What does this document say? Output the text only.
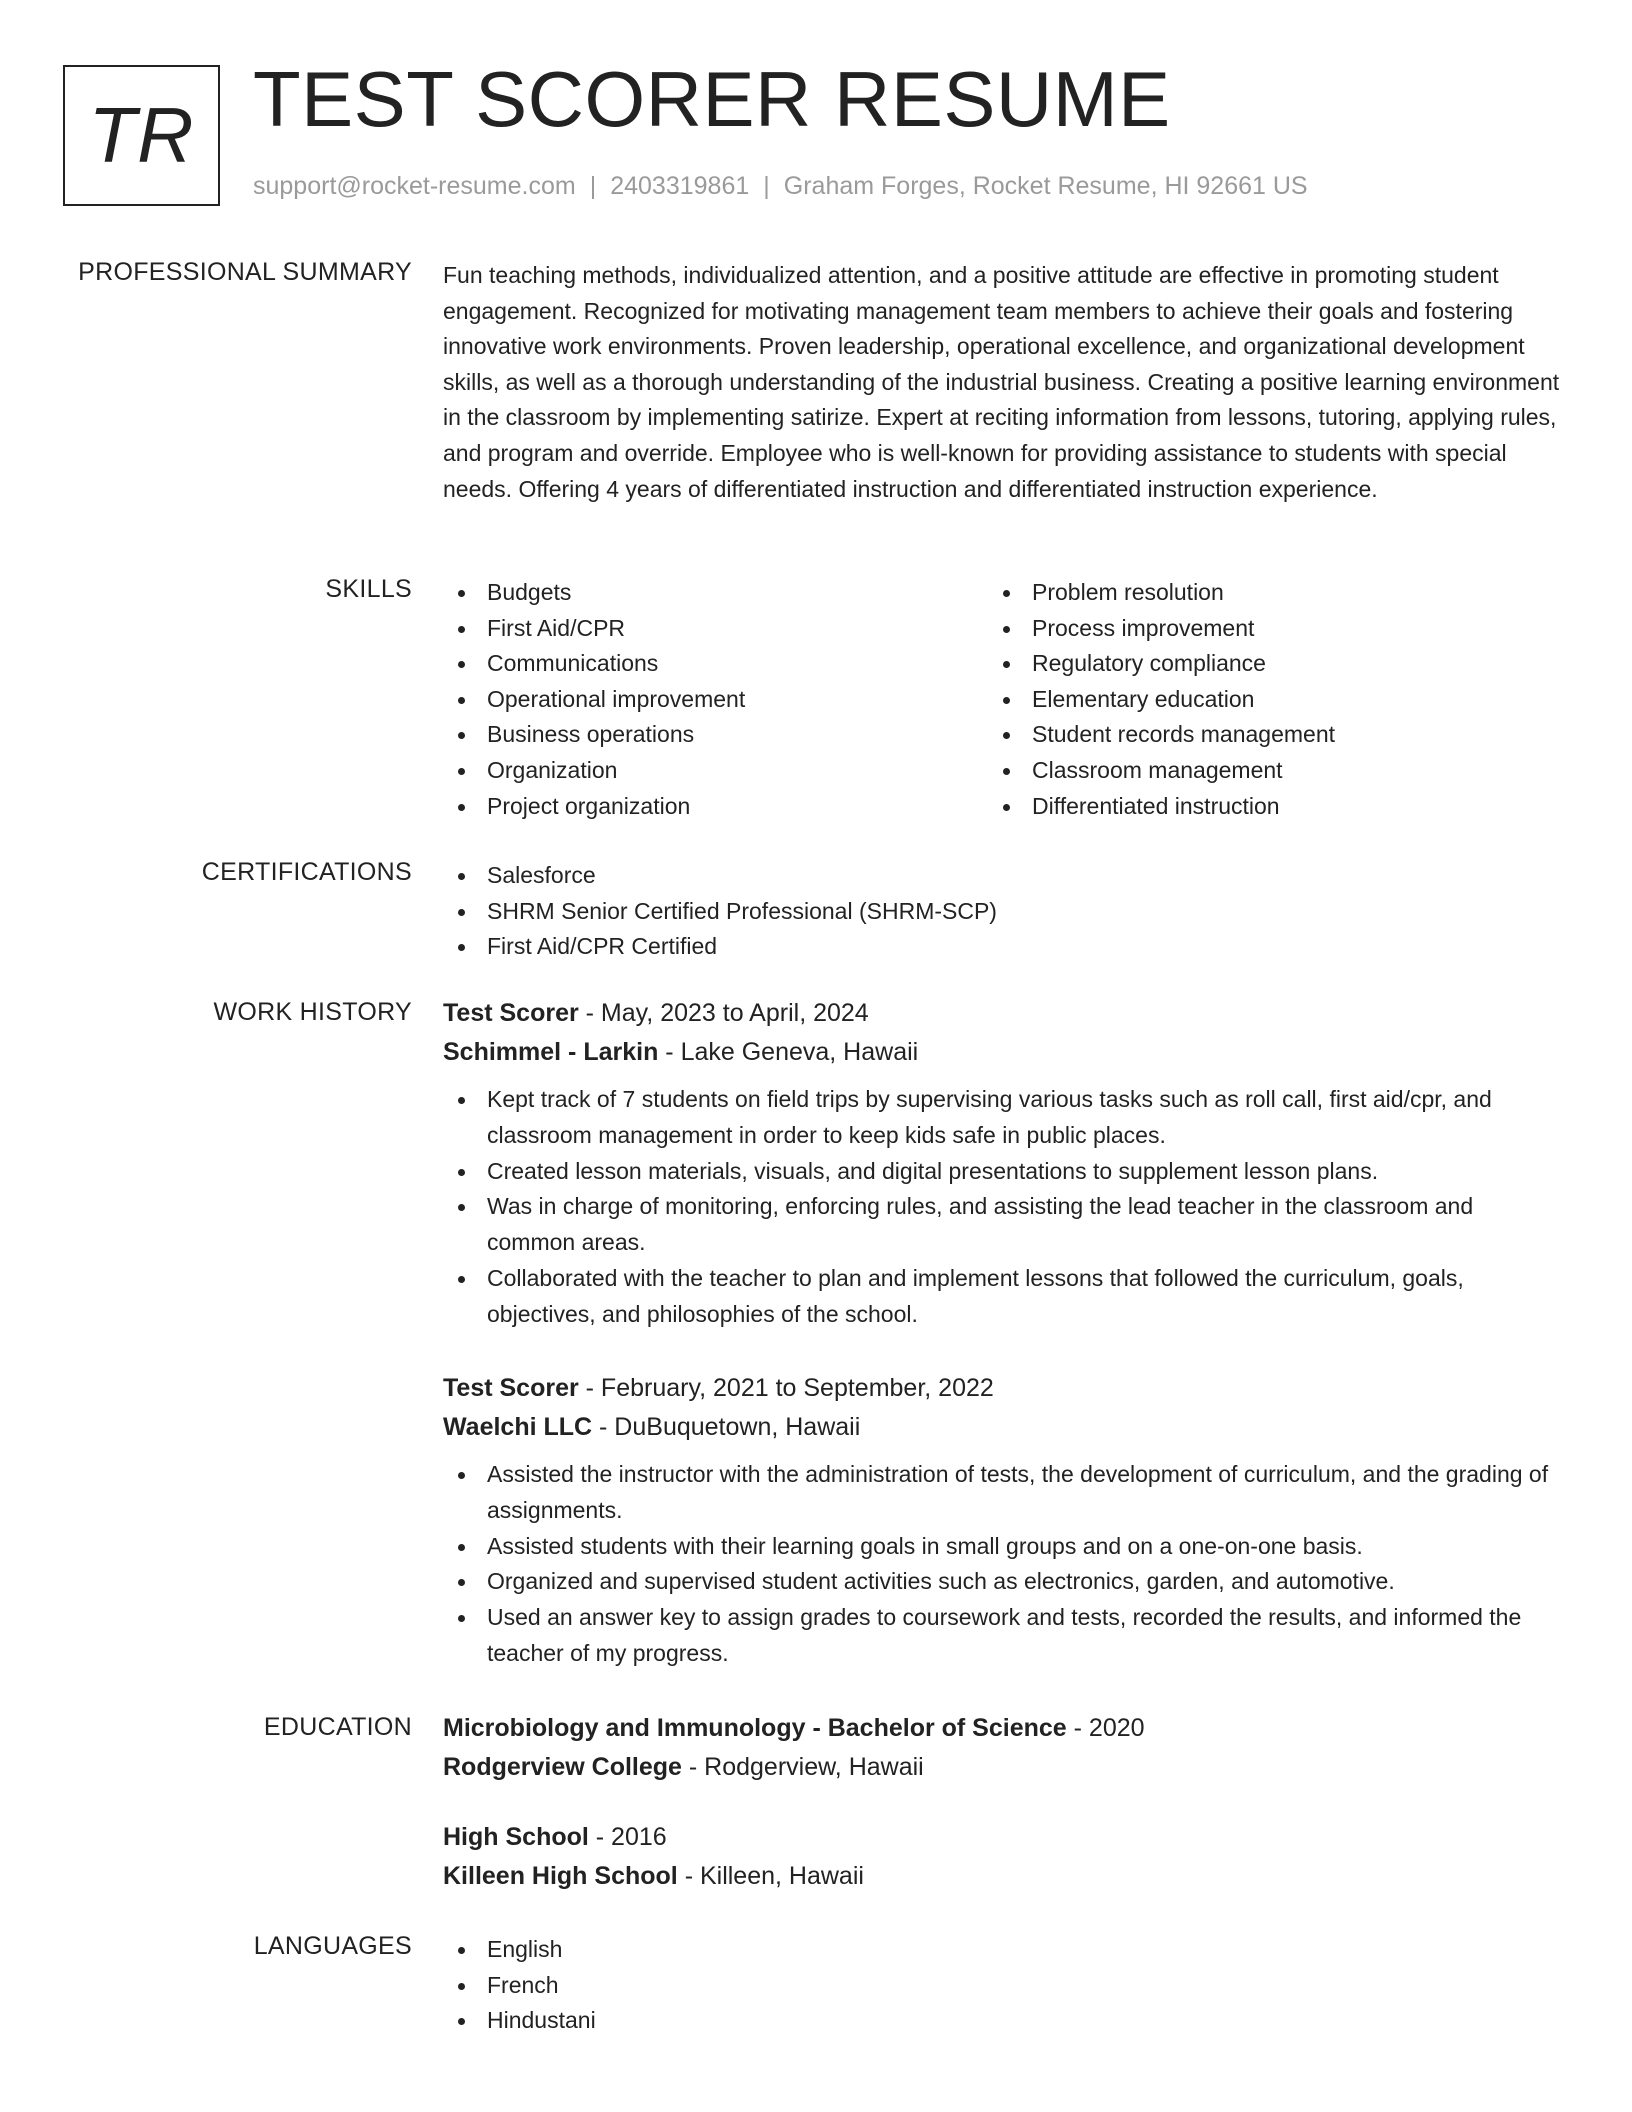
TR TEST SCORER RESUME
support@rocket-resume.com | 2403319861 | Graham Forges, Rocket Resume, HI 92661 US
PROFESSIONAL SUMMARY Fun teaching methods, individualized attention, and a positive attitude are effective in promoting student engagement. Recognized for motivating management team members to achieve their goals and fostering innovative work environments. Proven leadership, operational excellence, and organizational development skills, as well as a thorough understanding of the industrial business. Creating a positive learning environment in the classroom by implementing satirize. Expert at reciting information from lessons, tutoring, applying rules, and program and override. Employee who is well-known for providing assistance to students with special needs. Offering 4 years of differentiated instruction and differentiated instruction experience.

SKILLS	Budgets
First Aid/CPR
Communications
Operational improvement
Business operations
Organization
Project organization
Problem resolution
Process improvement
Regulatory compliance
Elementary education
Student records management
Classroom management
Differentiated instruction
CERTIFICATIONS	Salesforce
SHRM Senior Certified Professional (SHRM-SCP)
First Aid/CPR Certified
WORK HISTORY Test Scorer - May, 2023 to April, 2024
Schimmel - Larkin - Lake Geneva, Hawaii
Kept track of 7 students on field trips by supervising various tasks such as roll call, first aid/cpr, and classroom management in order to keep kids safe in public places.
Created lesson materials, visuals, and digital presentations to supplement lesson plans.
Was in charge of monitoring, enforcing rules, and assisting the lead teacher in the classroom and common areas.
Collaborated with the teacher to plan and implement lessons that followed the curriculum, goals, objectives, and philosophies of the school.
Test Scorer - February, 2021 to September, 2022
Waelchi LLC - DuBuquetown, Hawaii
Assisted the instructor with the administration of tests, the development of curriculum, and the grading of assignments.
Assisted students with their learning goals in small groups and on a one-on-one basis.
Organized and supervised student activities such as electronics, garden, and automotive.
Used an answer key to assign grades to coursework and tests, recorded the results, and informed the teacher of my progress.
EDUCATION Microbiology and Immunology - Bachelor of Science - 2020
Rodgerview College - Rodgerview, Hawaii
High School - 2016
Killeen High School - Killeen, Hawaii
LANGUAGES	English
French
Hindustani
